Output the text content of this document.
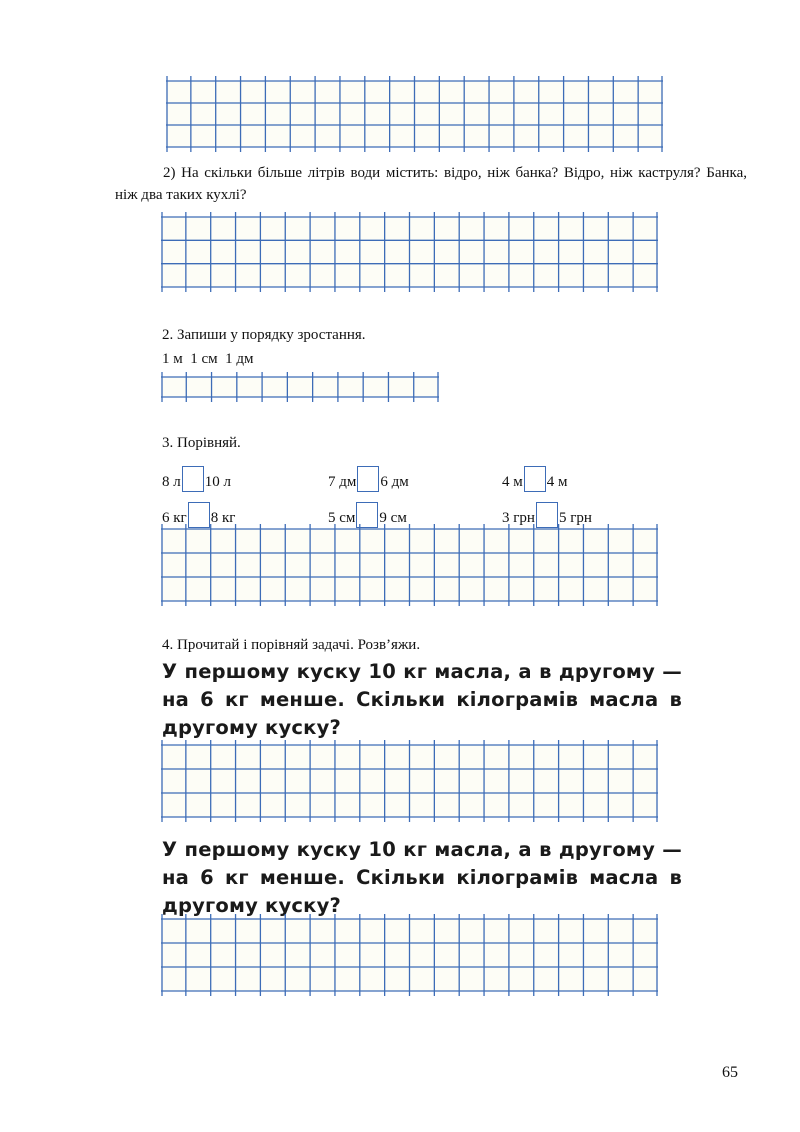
2) На скільки більше літрів води містить: відро, ніж банка? Відро, ніж каструля? Банка, ніж два таких кухлі?

2. Запиши у порядку зростання.

1 м  1 см  1 дм

3. Порівняй.

8 л 10 л	7 дм 6 дм	4 м 4 м
6 кг 8 кг	5 см 9 см	3 грн 5 грн

4. Прочитай і порівняй задачі. Розв’яжи.

У першому куску 10 кг масла, а в другому — на 6 кг менше. Скільки кілограмів масла в другому куску?

У першому куску 10 кг масла, а в другому — на 6 кг менше. Скільки кілограмів масла в другому куску?

65
